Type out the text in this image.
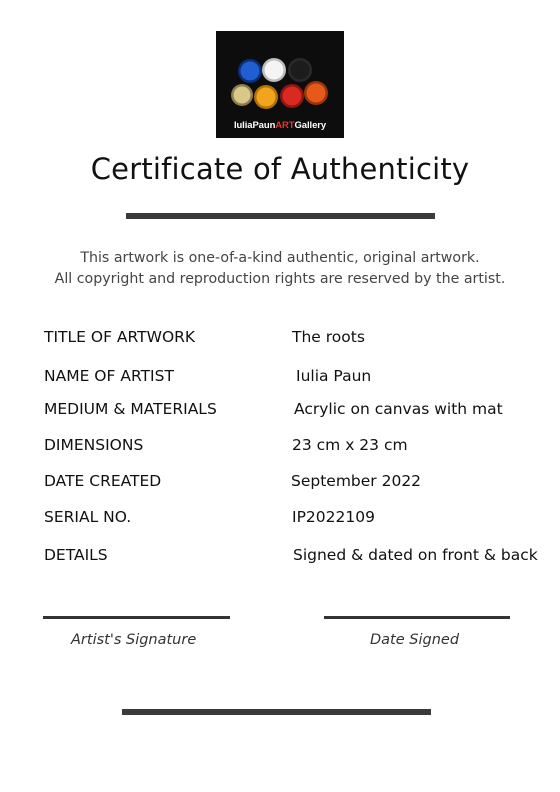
IuliaPaunARTGallery
Certificate of Authenticity
This artwork is one-of-a-kind authentic, original artwork.
All copyright and reproduction rights are reserved by the artist.
TITLE OF ARTWORK	The roots
NAME OF ARTIST	Iulia Paun
MEDIUM & MATERIALS	Acrylic on canvas with mat
DIMENSIONS	23 cm x 23 cm
DATE CREATED	September 2022
SERIAL NO.	IP2022109
DETAILS	Signed & dated on front & back
Artist's Signature	Date Signed
